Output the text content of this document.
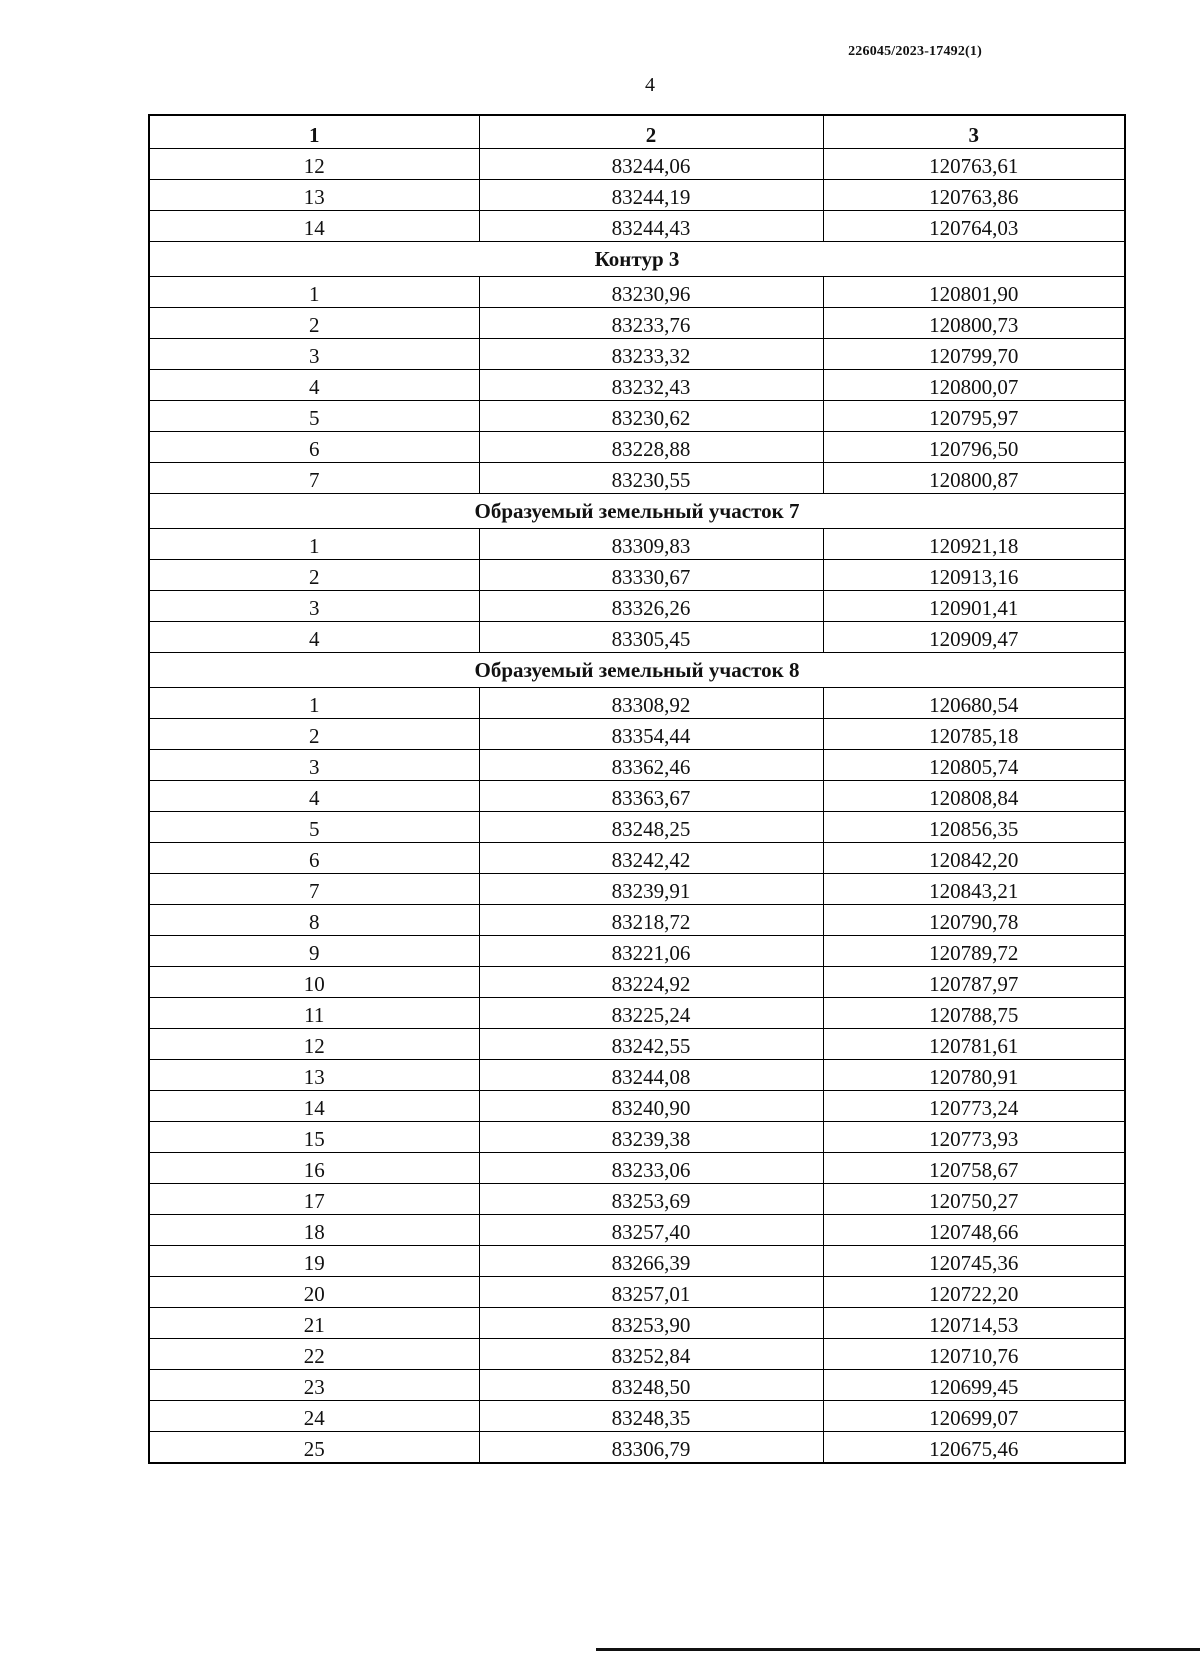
226045/2023-17492(1)
4
1	2	3
12	83244,06	120763,61
13	83244,19	120763,86
14	83244,43	120764,03
Контур 3		
1	83230,96	120801,90
2	83233,76	120800,73
3	83233,32	120799,70
4	83232,43	120800,07
5	83230,62	120795,97
6	83228,88	120796,50
7	83230,55	120800,87
Образуемый земельный участок 7		
1	83309,83	120921,18
2	83330,67	120913,16
3	83326,26	120901,41
4	83305,45	120909,47
Образуемый земельный участок 8		
1	83308,92	120680,54
2	83354,44	120785,18
3	83362,46	120805,74
4	83363,67	120808,84
5	83248,25	120856,35
6	83242,42	120842,20
7	83239,91	120843,21
8	83218,72	120790,78
9	83221,06	120789,72
10	83224,92	120787,97
11	83225,24	120788,75
12	83242,55	120781,61
13	83244,08	120780,91
14	83240,90	120773,24
15	83239,38	120773,93
16	83233,06	120758,67
17	83253,69	120750,27
18	83257,40	120748,66
19	83266,39	120745,36
20	83257,01	120722,20
21	83253,90	120714,53
22	83252,84	120710,76
23	83248,50	120699,45
24	83248,35	120699,07
25	83306,79	120675,46
